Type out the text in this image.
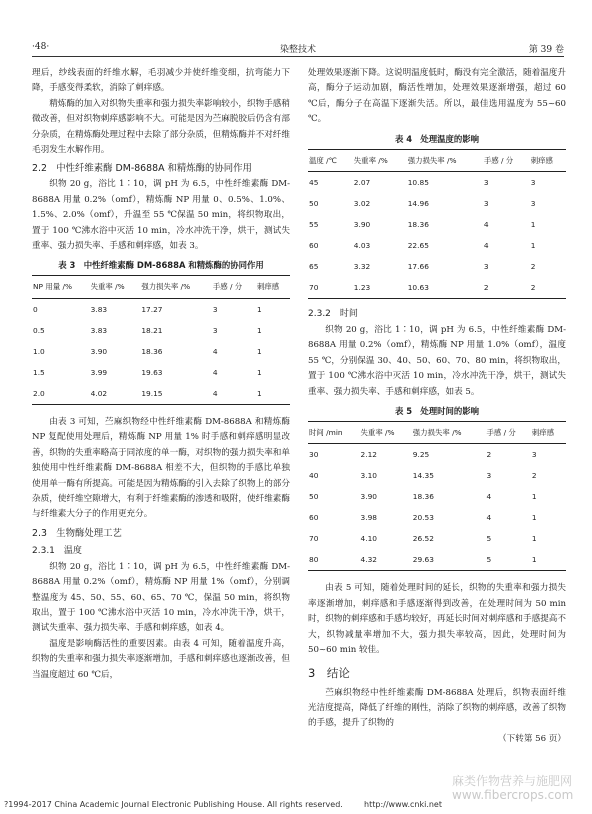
·48·	染整技术	第 39 卷

理后，纱线表面的纤维水解，毛羽减少并使纤维变细，抗弯能力下降，手感变得柔软，消除了刺痒感。

精炼酶的加入对织物失重率和强力损失率影响较小，织物手感稍微改善，但对织物刺痒感影响不大。可能是因为苎麻脱胶后仍含有部分杂质，在精炼酶处理过程中去除了部分杂质，但精炼酶并不对纤维毛羽发生水解作用。

2.2　中性纤维素酶 DM-8688A 和精炼酶的协同作用

织物 20 g，浴比 1∶10，调 pH 为 6.5，中性纤维素酶 DM-8688A 用量 0.2%（omf），精炼酶 NP 用量 0、0.5%、1.0%、1.5%、2.0%（omf），升温至 55 ℃保温 50 min，将织物取出，置于 100 ℃沸水浴中灭活 10 min，冷水冲洗干净，烘干，测试失重率、强力损失率、手感和刺痒感，如表 3。

表 3　中性纤维素酶 DM-8688A 和精炼酶的协同作用
NP 用量 /%	失重率 /%	强力损失率 /%	手感 / 分	刺痒感
0	3.83	17.27	3	1
0.5	3.83	18.21	3	1
1.0	3.90	18.36	4	1
1.5	3.99	19.63	4	1
2.0	4.02	19.15	4	1

由表 3 可知，苎麻织物经中性纤维素酶 DM-8688A 和精炼酶 NP 复配使用处理后，精炼酶 NP 用量 1% 时手感和刺痒感明显改善，织物的失重率略高于同浓度的单一酶，对织物的强力损失率和单独使用中性纤维素酶 DM-8688A 相差不大，但织物的手感比单独使用单一酶有所提高。可能是因为精炼酶的引入去除了织物上的部分杂质，使纤维空隙增大，有利于纤维素酶的渗透和吸附，使纤维素酶与纤维素大分子的作用更充分。

2.3　生物酶处理工艺
2.3.1　温度

织物 20 g，浴比 1∶10，调 pH 为 6.5，中性纤维素酶 DM-8688A 用量 0.2%（omf），精炼酶 NP 用量 1%（omf），分别调整温度为 45、50、55、60、65、70 ℃，保温 50 min，将织物取出，置于 100 ℃沸水浴中灭活 10 min，冷水冲洗干净，烘干，测试失重率、强力损失率、手感和刺痒感，如表 4。

温度是影响酶活性的重要因素。由表 4 可知，随着温度升高，织物的失重率和强力损失率逐渐增加，手感和刺痒感也逐渐改善，但当温度超过 60 ℃后，

处理效果逐渐下降。这说明温度低时，酶没有完全激活，随着温度升高，酶分子运动加剧，酶活性增加，处理效果逐渐增强，超过 60 ℃后，酶分子在高温下逐渐失活。所以，最佳选用温度为 55~60 ℃。

表 4　处理温度的影响
温度 /℃	失重率 /%	强力损失率 /%	手感 / 分	刺痒感
45	2.07	10.85	3	3
50	3.02	14.96	3	3
55	3.90	18.36	4	1
60	4.03	22.65	4	1
65	3.32	17.66	3	2
70	1.23	10.63	2	2
2.3.2　时间

织物 20 g，浴比 1∶10，调 pH 为 6.5，中性纤维素酶 DM-8688A 用量 0.2%（omf），精炼酶 NP 用量 1.0%（omf），温度 55 ℃，分别保温 30、40、50、60、70、80 min，将织物取出，置于 100 ℃沸水浴中灭活 10 min，冷水冲洗干净，烘干，测试失重率、强力损失率、手感和刺痒感，如表 5。

表 5　处理时间的影响
时间 /min	失重率 /%	强力损失率 /%	手感 / 分	刺痒感
30	2.12	9.25	2	3
40	3.10	14.35	3	2
50	3.90	18.36	4	1
60	3.98	20.53	4	1
70	4.10	26.52	5	1
80	4.32	29.63	5	1

由表 5 可知，随着处理时间的延长，织物的失重率和强力损失率逐渐增加，刺痒感和手感逐渐得到改善，在处理时间为 50 min 时，织物的刺痒感和手感均较好，再延长时间对刺痒感和手感提高不大，织物减量率增加不大，强力损失率较高，因此，处理时间为 50~60 min 较佳。

3　结论

苎麻织物经中性纤维素酶 DM-8688A 处理后，织物表面纤维光洁度提高，降低了纤维的刚性，消除了织物的刺痒感，改善了织物的手感，提升了织物的

（下转第 56 页）

麻类作物营养与施肥网
www.fibercrops.com
?1994-2017 China Academic Journal Electronic Publishing House. All rights reserved.	http://www.cnki.net
